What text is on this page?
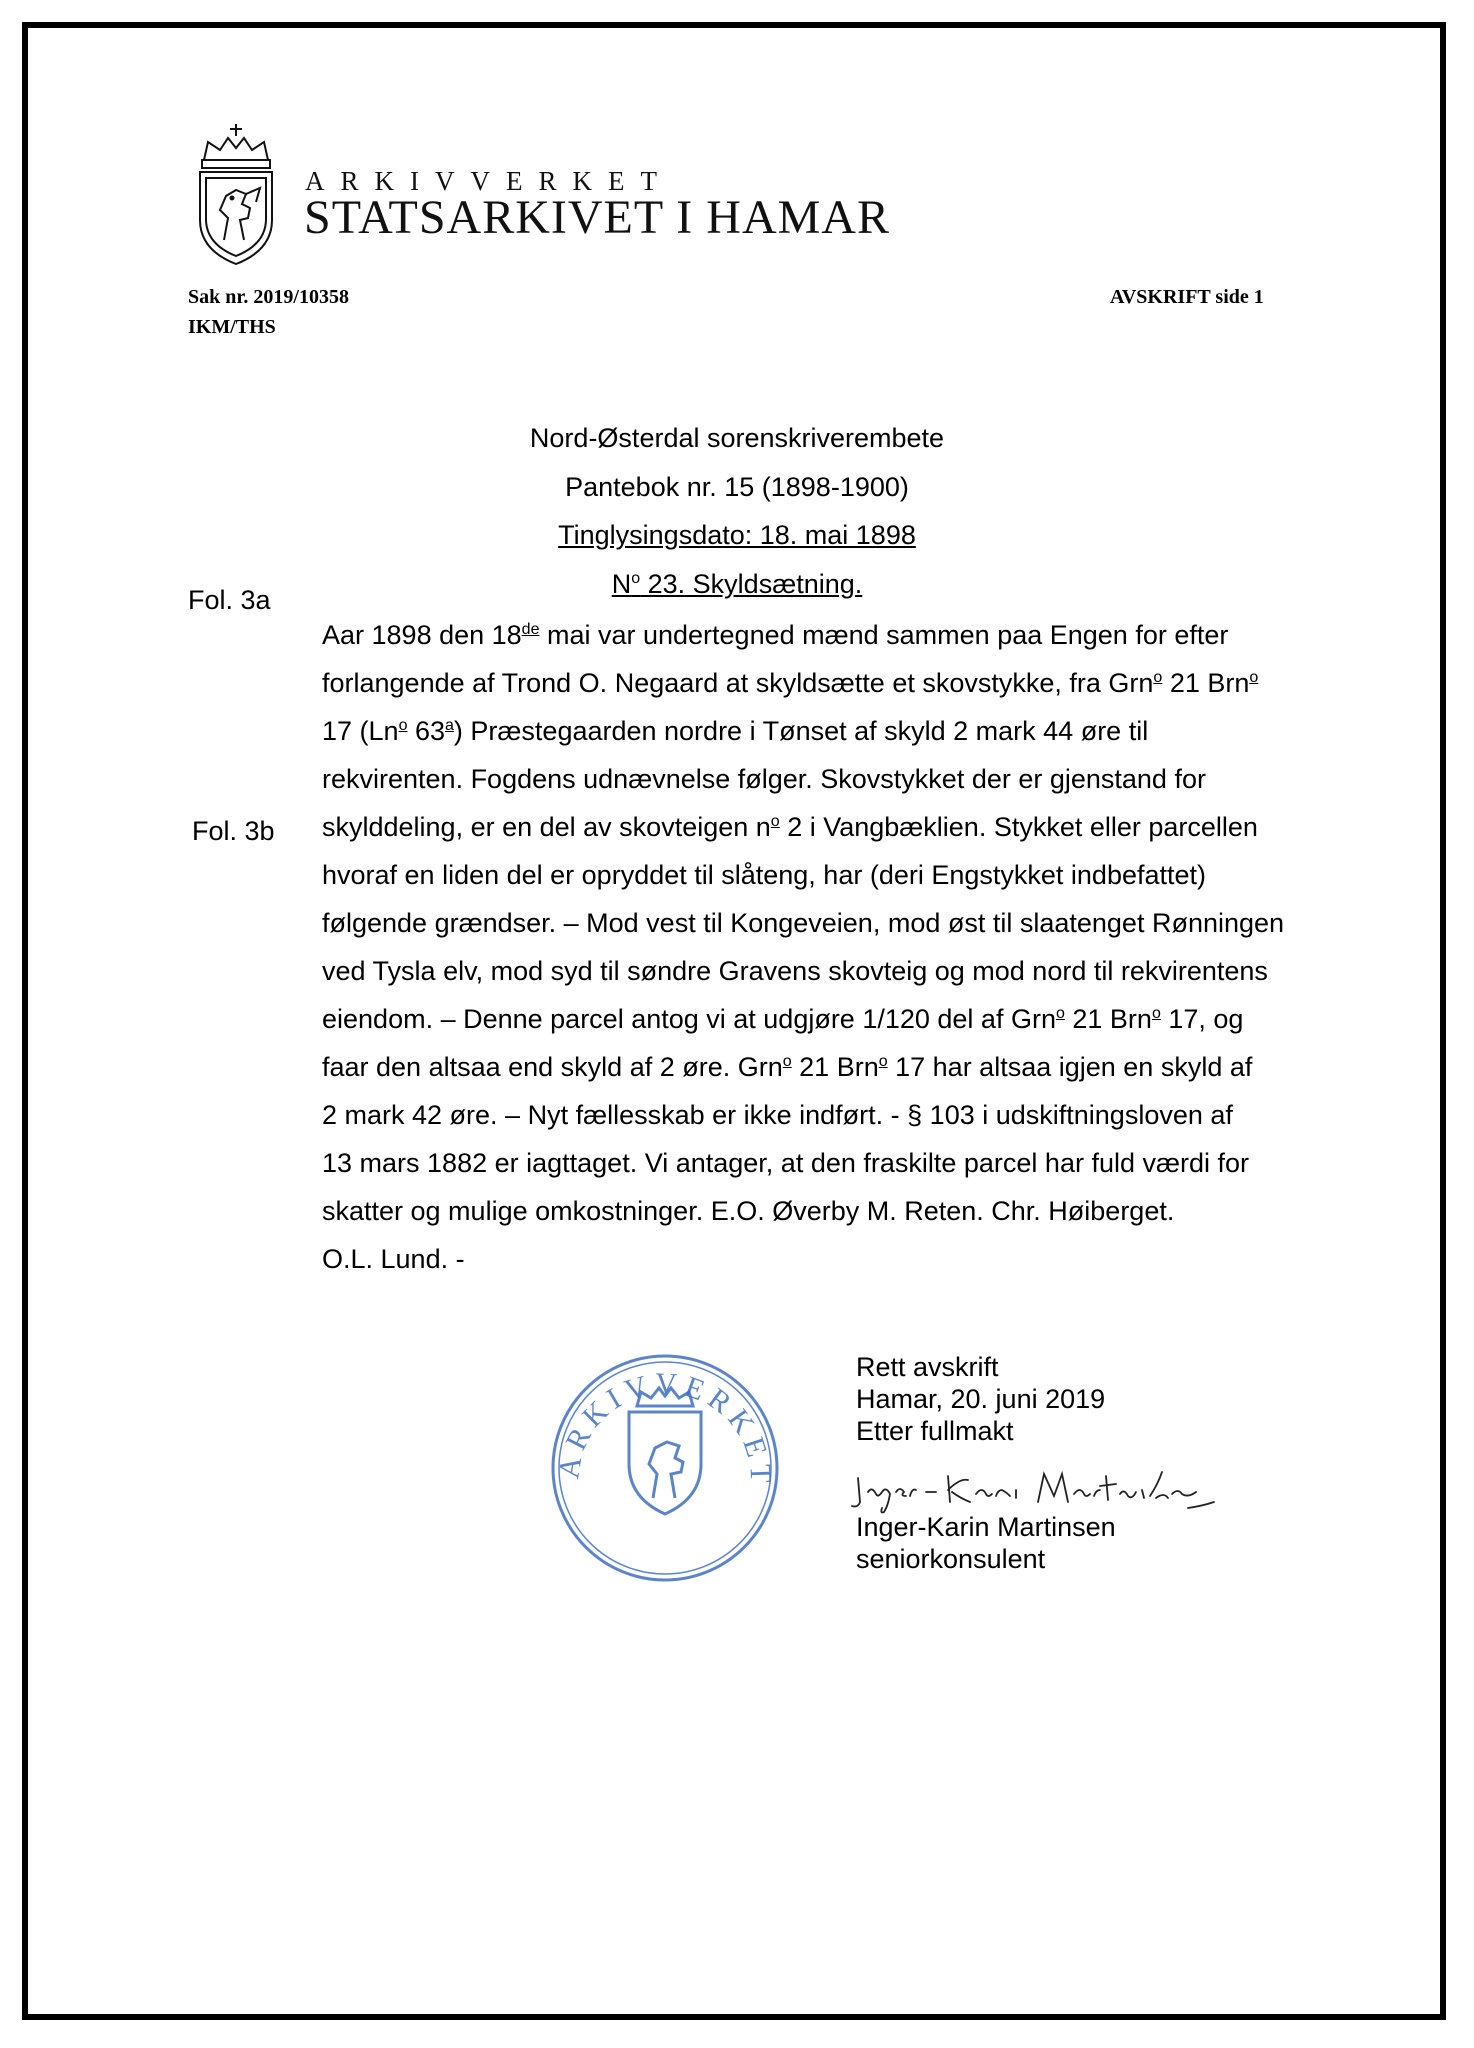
ARKIVVERKET
STATSARKIVET I HAMAR
Sak nr. 2019/10358
IKM/THS
AVSKRIFT side 1
Nord-Østerdal sorenskriverembete
Pantebok nr. 15 (1898-1900)
Tinglysingsdato: 18. mai 1898
$N^o$ 23. Skyldsætning.
Fol. 3a
Fol. 3b
Aar 1898 den 18de mai var undertegned mænd sammen paa Engen for efter
forlangende af Trond O. Negaard at skyldsætte et skovstykke, fra Grn$^o$ 21 Brn$^o$
17 (Ln$^o$ 63$^a$) Præstegaarden nordre i Tønset af skyld 2 mark 44 øre til
rekvirenten. Fogdens udnævnelse følger. Skovstykket der er gjenstand for
skylddeling, er en del av skovteigen $n^o$ 2 i Vangbæklien. Stykket eller parcellen
hvoraf en liden del er opryddet til slåteng, har (deri Engstykket indbefattet)
følgende grændser. – Mod vest til Kongeveien, mod øst til slaatenget Rønningen
ved Tysla elv, mod syd til søndre Gravens skovteig og mod nord til rekvirentens
eiendom. – Denne parcel antog vi at udgjøre 1/120 del af Grn$^o$ 21 Brn$^o$ 17, og
faar den altsaa end skyld af 2 øre. Grn$^o$ 21 Brn$^o$ 17 har altsaa igjen en skyld af
2 mark 42 øre. – Nyt fællesskab er ikke indført. - § 103 i udskiftningsloven af
13 mars 1882 er iagttaget. Vi antager, at den fraskilte parcel har fuld værdi for
skatter og mulige omkostninger. E.O. Øverby M. Reten. Chr. Høiberget.
O.L. Lund. -
ARKIVVERKET
Rett avskrift
Hamar, 20. juni 2019
Etter fullmakt
Inger-Karin Martinsen
seniorkonsulent
